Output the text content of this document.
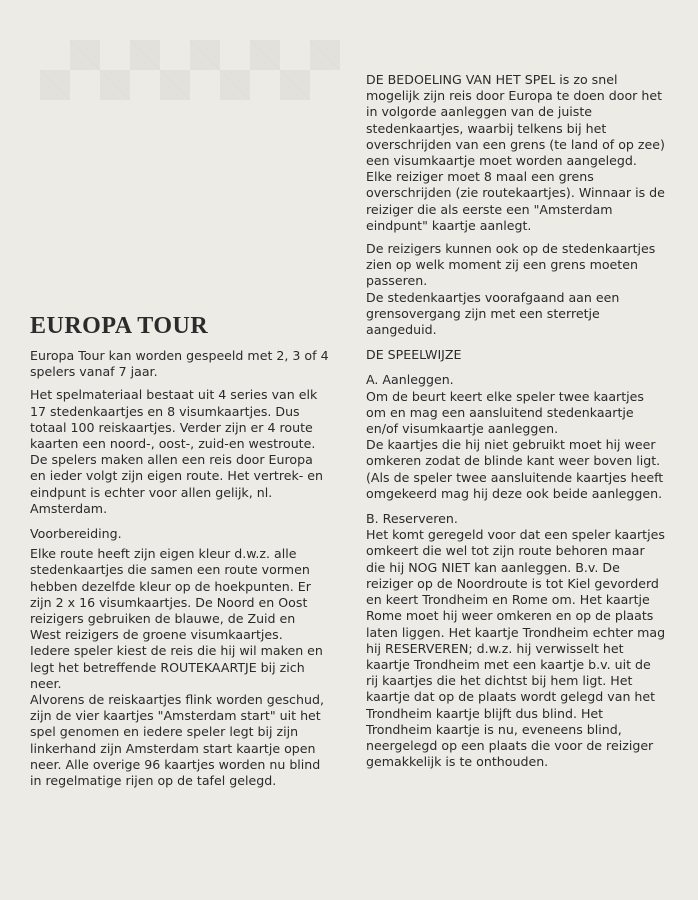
EUROPA TOUR

Europa Tour kan worden gespeeld met 2, 3 of 4 spelers vanaf 7 jaar.

Het spelmateriaal bestaat uit 4 series van elk 17 stedenkaartjes en 8 visumkaartjes. Dus totaal 100 reiskaartjes. Verder zijn er 4 route kaarten een noord-, oost-, zuid-en westroute.

De spelers maken allen een reis door Europa en ieder volgt zijn eigen route. Het vertrek- en eindpunt is echter voor allen gelijk, nl. Amsterdam.

Voorbereiding.

Elke route heeft zijn eigen kleur d.w.z. alle stedenkaartjes die samen een route vormen hebben dezelfde kleur op de hoekpunten. Er zijn 2 x 16 visumkaartjes. De Noord en Oost reizigers gebruiken de blauwe, de Zuid en West reizigers de groene visumkaartjes.

Iedere speler kiest de reis die hij wil maken en legt het betreffende ROUTEKAARTJE bij zich neer.

Alvorens de reiskaartjes flink worden geschud, zijn de vier kaartjes "Amsterdam start" uit het spel genomen en iedere speler legt bij zijn linkerhand zijn Amsterdam start kaartje open neer. Alle overige 96 kaartjes worden nu blind in regelmatige rijen op de tafel gelegd.

DE BEDOELING VAN HET SPEL is zo snel mogelijk zijn reis door Europa te doen door het in volgorde aanleggen van de juiste stedenkaartjes, waarbij telkens bij het overschrijden van een grens (te land of op zee) een visumkaartje moet worden aangelegd. Elke reiziger moet 8 maal een grens overschrijden (zie routekaartjes). Winnaar is de reiziger die als eerste een "Amsterdam eindpunt" kaartje aanlegt.

De reizigers kunnen ook op de stedenkaartjes zien op welk moment zij een grens moeten passeren.

De stedenkaartjes voorafgaand aan een grensovergang zijn met een sterretje aangeduid.

DE SPEELWIJZE
A. Aanleggen.

Om de beurt keert elke speler twee kaartjes om en mag een aansluitend stedenkaartje en/of visumkaartje aanleggen.

De kaartjes die hij niet gebruikt moet hij weer omkeren zodat de blinde kant weer boven ligt. (Als de speler twee aansluitende kaartjes heeft omgekeerd mag hij deze ook beide aanleggen.

B. Reserveren.

Het komt geregeld voor dat een speler kaartjes omkeert die wel tot zijn route behoren maar die hij NOG NIET kan aanleggen. B.v. De reiziger op de Noordroute is tot Kiel gevorderd en keert Trondheim en Rome om. Het kaartje Rome moet hij weer omkeren en op de plaats laten liggen. Het kaartje Trondheim echter mag hij RESERVEREN; d.w.z. hij verwisselt het kaartje Trondheim met een kaartje b.v. uit de rij kaartjes die het dichtst bij hem ligt. Het kaartje dat op de plaats wordt gelegd van het Trondheim kaartje blijft dus blind. Het Trondheim kaartje is nu, eveneens blind, neergelegd op een plaats die voor de reiziger gemakkelijk is te onthouden.
